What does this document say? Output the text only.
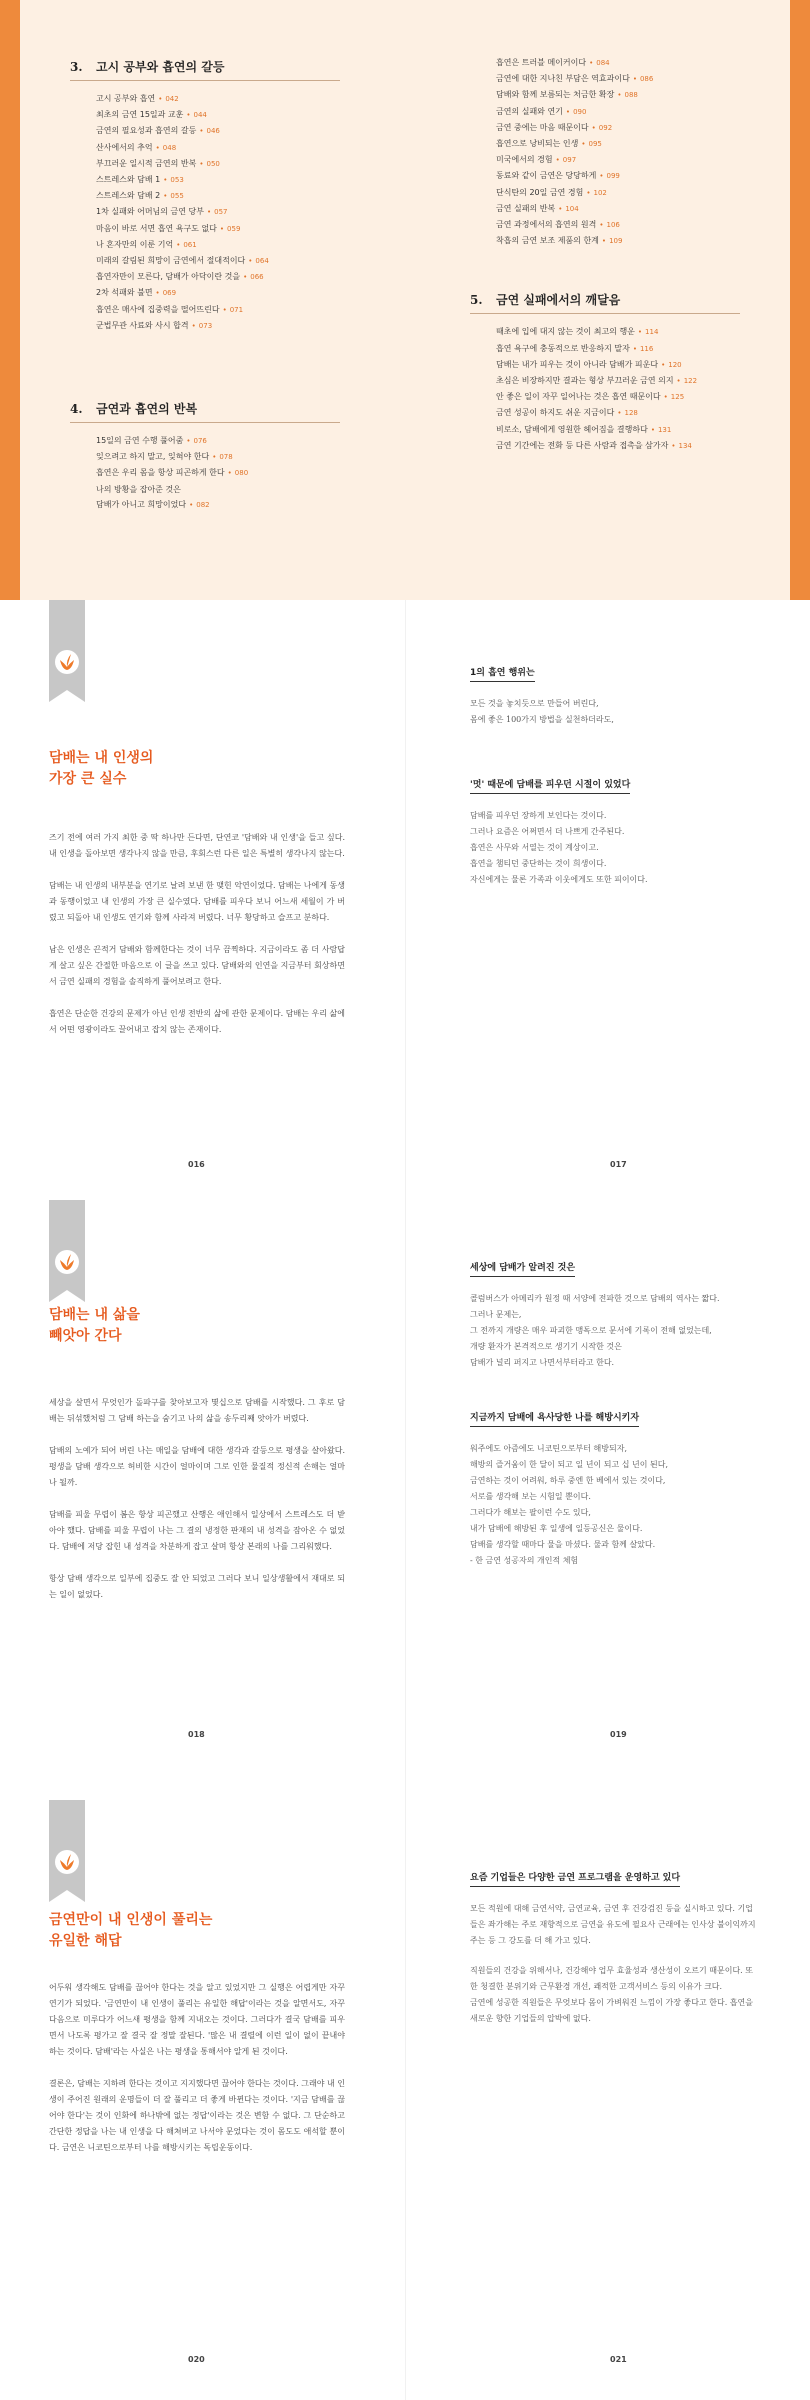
3. 고시 공부와 흡연의 갈등
고시 공부와 흡연 • 042
최초의 금연 15일과 교훈 • 044
금연의 필요성과 흡연의 갈등 • 046
산사에서의 추억 • 048
부끄러운 일시적 금연의 반복 • 050
스트레스와 담배 1 • 053
스트레스와 담배 2 • 055
1차 실패와 어머님의 금연 당부 • 057
마음이 바로 서면 흡연 욕구도 없다 • 059
나 혼자만의 이룬 기억 • 061
미래의 갈림된 희망이 금연에서 절대적이다 • 064
흡연자만이 모른다, 담배가 아닥이란 것을 • 066
2차 석패와 불면 • 069
흡연은 매사에 집중력을 떨어뜨린다 • 071
군법무관 사료와 사시 합격 • 073
4. 금연과 흡연의 반복
15일의 금연 수행 풀어줌 • 076
잊으려고 하지 말고, 잊혀야 한다 • 078
흡연은 우리 몸을 항상 피곤하게 한다 • 080
나의 방황을 잡아준 것은
담배가 아니고 희망이었다 • 082
흡연은 트러블 메이커이다 • 084
금연에 대한 지나친 부담은 역효과이다 • 086
담배와 함께 보름되는 처금한 확장 • 088
금연의 실패와 연기 • 090
금연 중에는 마음 때문이다 • 092
흡연으로 낭비되는 인생 • 095
미국에서의 경험 • 097
동료와 같이 금연은 당당하게 • 099
단식탄의 20일 금연 경험 • 102
금연 실패의 반복 • 104
금연 과정에서의 흡연의 원격 • 106
착흡의 금연 보조 제품의 한계 • 109
5. 금연 실패에서의 깨달음
때초에 입에 대지 않는 것이 최고의 행운 • 114
흡연 욕구에 충동적으로 반응하지 말자 • 116
담배는 내가 피우는 것이 아니라 담배가 피운다 • 120
초심은 비장하지만 결과는 형상 부끄러운 금연 의지 • 122
안 좋은 일이 자꾸 일어나는 것은 흡연 때문이다 • 125
금연 성공이 하지도 쉬운 지금이다 • 128
비로소, 담배에게 영원한 헤어짐을 결행하다 • 131
금연 기간에는 전화 등 다른 사람과 접촉을 삼가자 • 134
담배는 내 인생의
가장 큰 실수

즈기 전에 여러 가지 최한 중 딱 하나만 든다면, 단연코 '담배와 내 인생'을 들고 싶다. 내 인생을 돌아보면 생각나지 않을 만큼, 후회스런 다른 일은 특별히 생각나지 않는다.

담배는 내 인생의 내부분을 연기로 날려 보낸 한 맺힌 악연이었다. 담배는 나에게 동생과 동행이었고 내 인생의 가장 큰 실수였다. 담배를 피우다 보니 어느새 세월이 가 버렸고 되돌아 내 인생도 연기와 함께 사라져 버렸다. 너무 황당하고 슬프고 분하다.

남은 인생은 끈적거 담배와 함께한다는 것이 너무 끔찍하다. 지금이라도 좀 더 사람답게 살고 싶은 간절한 마음으로 이 글을 쓰고 있다. 담배와의 인연을 지금부터 회상하면서 금연 실패의 경험을 솔직하게 풀어보려고 한다.

흡연은 단순한 건강의 문제가 아닌 인생 전반의 삶에 관한 문제이다. 담배는 우리 삶에서 어떤 영광이라도 끌어내고 잡치 않는 존재이다.

1의 흡연 행위는

모든 것을 놓치듯으로 만들어 버린다,

몸에 좋은 100가지 방법을 실천하더라도,

'멋' 때문에 담배를 피우던 시절이 있었다

담배를 피우던 장하게 보인다는 것이다.

그러나 요즘은 어쩌면서 더 나쁘게 간주된다.

흡연은 사무와 서열는 것이 계상이고.

흡연을 챔티던 중단하는 것이 희생이다.

자신에게는 물론 가족과 이웃에게도 또한 피이이다.

016	017
담배는 내 삶을
빼앗아 간다

세상을 살면서 무엇인가 돌파구를 찾아보고자 몇십으로 담배를 시작했다. 그 후로 담배는 뒤섞했처럼 그 담배 하는을 숨기고 나의 삶을 송두리째 앗아가 버렸다.

담배의 노예가 되어 버린 나는 매일을 담배에 대한 생각과 갈등으로 평생을 살아왔다. 평생을 담배 생각으로 허비한 시간이 얼마이며 그로 인한 물질적 정신적 손해는 얼마나 될까.

담배를 피울 무렵이 봄은 항상 피곤했고 산행은 애인해서 일상에서 스트레스도 더 받아야 했다. 담배를 피울 무렵이 나는 그 결의 냉정한 판재의 내 성격을 잠아온 수 없었다. 담배에 저당 잡힌 내 성격을 차분하게 잡고 살며 항상 본래의 나를 그리워했다.

항상 담배 생각으로 일부에 집중도 잘 안 되었고 그러다 보니 일상생활에서 재대로 되는 일이 없었다.

세상에 담배가 알려진 것은

콜럼버스가 아메리카 원정 때 서양에 전파한 것으로 담배의 역사는 짧다.

그러나 문제는,

그 전까지 개량은 매우 파괴한 맹독으로 문서에 기록이 전해 없었는데,

개량 환자가 본격적으로 생기기 시작한 것은

담배가 널리 퍼지고 나면서부터라고 한다.

지금까지 담배에 욕사당한 나를 해방시키자

워주에도 아즘에도 니코틴으로부터 해방되자,

해방의 즐거움이 한 달이 되고 일 년이 되고 십 년이 된다,

금연하는 것이 어려워, 하루 중엔 한 베에서 있는 것이다,

서로를 생각해 보는 시험일 뿐이다.

그러다가 해보는 팔이런 수도 있다,

내가 담배에 해방된 후 일생에 일등공신은 물이다.

담배를 생각할 때마다 물을 마셨다. 물과 함께 살았다.

- 한 금연 성공자의 개인적 체험

018	019
금연만이 내 인생이 풀리는
유일한 해답

어두워 생각해도 담배를 끊어야 한다는 것을 알고 있었지만 그 실행은 어렵게만 자꾸 연기가 되었다. '금연만이 내 인생이 풀리는 유일한 해답'이라는 것을 알면서도, 자꾸 다음으로 미루다가 어느새 평생을 함께 지내오는 것이다. 그러다가 결국 담배를 피우면서 나도록 평가고 잘 결국 잘 정말 잘된다. '많은 내 결렬에 이런 일이 없이 끝내야 하는 것이다. 담배'라는 사실은 나는 평생을 통해서야 알게 된 것이다.

결론은, 담배는 지하려 한다는 것이고 지지했다면 끊어야 한다는 것이다. 그래야 내 인생이 주어진 원래의 운명들이 더 잘 풀리고 더 좋게 바뀐다는 것이다. '지금 담배를 끊어야 한다'는 것이 인화에 하나밖에 없는 정답'이라는 것은 변함 수 없다. 그 단순하고 간단한 정답을 나는 내 인생을 다 해쳐버고 나서야 문었다는 것이 몸도도 애석할 뿐이다. 금연은 니코틴으로부터 나를 해방시키는 독립운동이다.

요즘 기업들은 다양한 금연 프로그램을 운영하고 있다

모든 적원에 대해 금연서약, 금연교육, 금연 후 건강검진 등을 실시하고 있다. 기업들은 좌가해는 주로 재향적으로 금연을 유도에 필요사 근래에는 인사상 불이익까지 주는 등 그 강도를 더 해 가고 있다.

직원들의 건강을 위해서나, 건강해야 업무 효율성과 생산성이 오르기 때문이다. 또한 청결한 분위기와 근무환경 개선, 쾌적한 고객서비스 등의 이유가 크다.

금연에 성공한 직원들은 무엇보다 몸이 가벼워진 느낌이 가장 좋다고 한다. 흡연을 새로운 향한 기업들의 압박에 없다.

020	021
